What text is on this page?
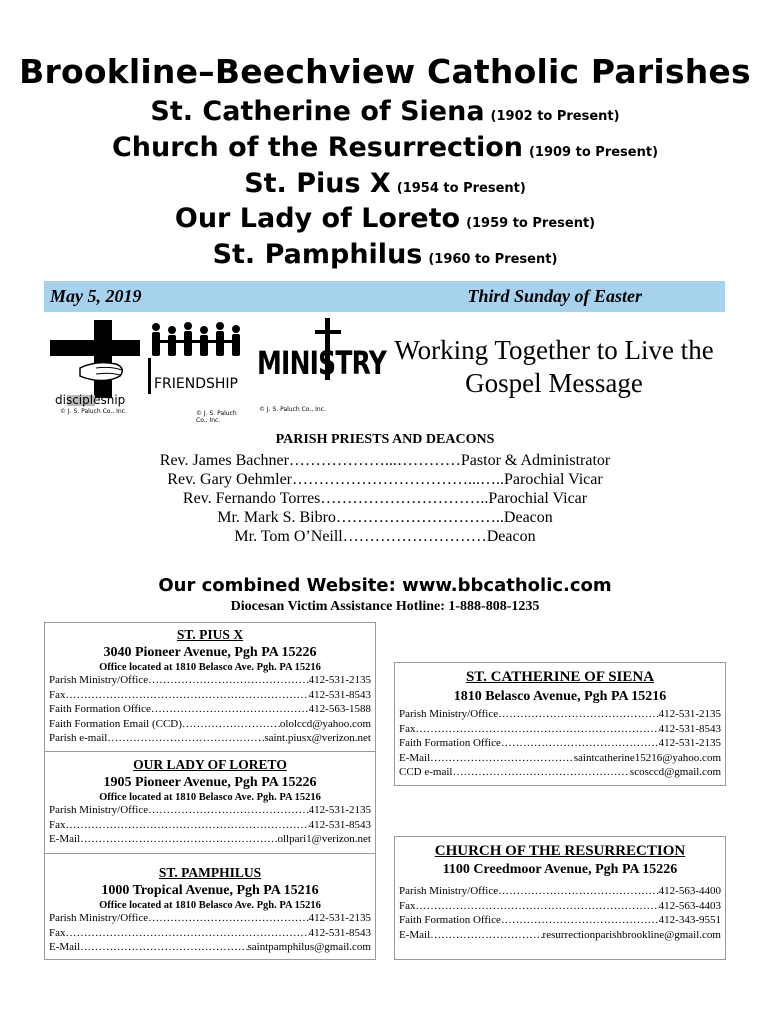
Brookline–Beechview Catholic Parishes
St. Catherine of Siena (1902 to Present)
Church of the Resurrection (1909 to Present)
St. Pius X (1954 to Present)
Our Lady of Loreto (1959 to Present)
St. Pamphilus (1960 to Present)
May 5, 2019	Third Sunday of Easter
discipleship
© J. S. Paluch Co., Inc.
FRIENDSHIP
© J. S. Paluch Co., Inc.
MINISTRY
© J. S. Paluch Co., Inc.
Working Together to Live the Gospel Message
PARISH PRIESTS AND DEACONS
Rev. James Bachner………………...…………Pastor & Administrator
Rev. Gary Oehmler……………………………...…..Parochial Vicar
Rev. Fernando Torres…………………………..Parochial Vicar
Mr. Mark S. Bibro…………………………..Deacon
Mr. Tom O’Neill………………………Deacon
Our combined Website: www.bbcatholic.com
Diocesan Victim Assistance Hotline: 1-888-808-1235
ST. PIUS X
3040 Pioneer Avenue, Pgh PA 15226
Office located at 1810 Belasco Ave. Pgh. PA 15216
Parish Ministry/Office ……………………………………………………………………………………………………………………	412-531-2135
Fax ……………………………………………………………………………………………………………………	412-531-8543
Faith Formation Office ……………………………………………………………………………………………………………………	412-563-1588
Faith Formation Email (CCD) ……………………………………………………………………………………………………………………	ololccd@yahoo.com
Parish e-mail ……………………………………………………………………………………………………………………	saint.piusx@verizon.net
OUR LADY OF LORETO
1905 Pioneer Avenue, Pgh PA 15226
Office located at 1810 Belasco Ave. Pgh. PA 15216
Parish Ministry/Office ……………………………………………………………………………………………………………………	412-531-2135
Fax ……………………………………………………………………………………………………………………	412-531-8543
E-Mail ……………………………………………………………………………………………………………………	ollpari1@verizon.net
ST. PAMPHILUS
1000 Tropical Avenue, Pgh PA 15216
Office located at 1810 Belasco Ave. Pgh. PA 15216
Parish Ministry/Office ……………………………………………………………………………………………………………………	412-531-2135
Fax ……………………………………………………………………………………………………………………	412-531-8543
E-Mail ……………………………………………………………………………………………………………………	saintpamphilus@gmail.com
ST. CATHERINE OF SIENA
1810 Belasco Avenue, Pgh PA 15216
Parish Ministry/Office ……………………………………………………………………………………………………………………	412-531-2135
Fax ……………………………………………………………………………………………………………………	412-531-8543
Faith Formation Office ……………………………………………………………………………………………………………………	412-531-2135
E-Mail ……………………………………………………………………………………………………………………	saintcatherine15216@yahoo.com
CCD e-mail ……………………………………………………………………………………………………………………	scosccd@gmail.com
CHURCH OF THE RESURRECTION
1100 Creedmoor Avenue, Pgh PA 15226
Parish Ministry/Office ……………………………………………………………………………………………………………………	412-563-4400
Fax ……………………………………………………………………………………………………………………	412-563-4403
Faith Formation Office ……………………………………………………………………………………………………………………	412-343-9551
E-Mail ……………………………………………………………………………………………………………………	resurrectionparishbrookline@gmail.com
